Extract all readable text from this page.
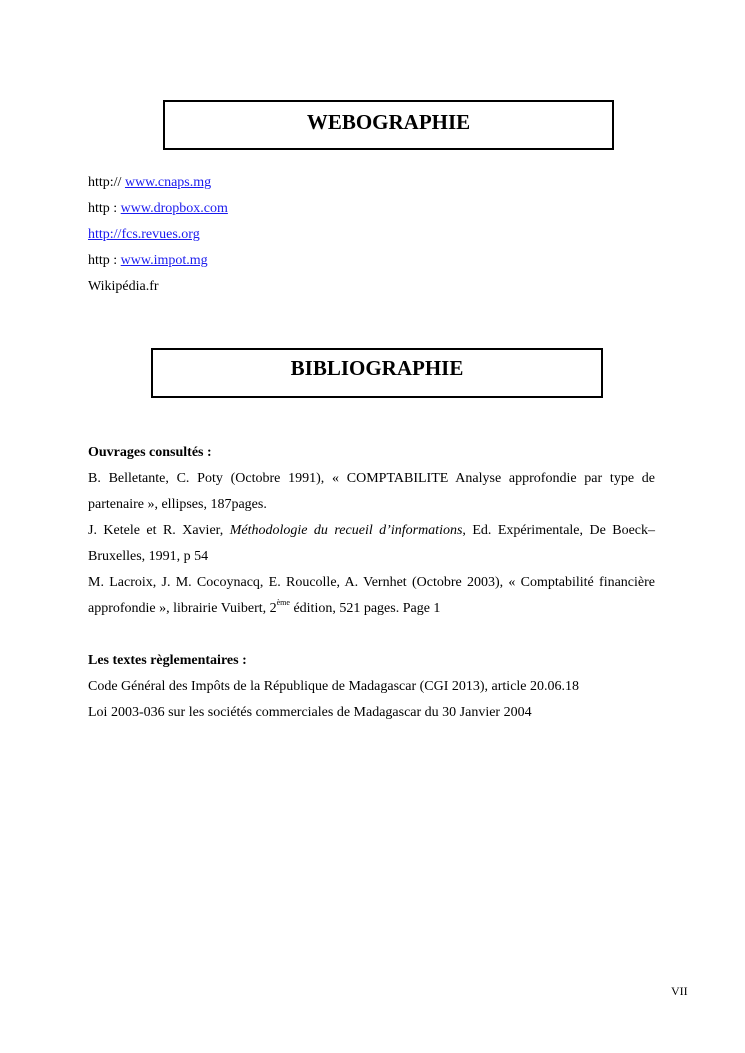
WEBOGRAPHIE
http:// www.cnaps.mg
http : www.dropbox.com
http://fcs.revues.org
http : www.impot.mg
Wikipédia.fr
BIBLIOGRAPHIE
Ouvrages consultés :
B. Belletante, C. Poty (Octobre 1991), « COMPTABILITE Analyse approfondie par type de partenaire », ellipses, 187pages.
J. Ketele et R. Xavier, Méthodologie du recueil d’informations, Ed. Expérimentale, De Boeck–Bruxelles, 1991, p 54
M. Lacroix, J. M. Cocoynacq, E. Roucolle, A. Vernhet (Octobre 2003), « Comptabilité financière approfondie », librairie Vuibert, 2ème édition, 521 pages. Page 1
Les textes règlementaires :
Code Général des Impôts de la République de Madagascar (CGI 2013), article 20.06.18
Loi 2003-036 sur les sociétés commerciales de Madagascar du 30 Janvier 2004
VII
